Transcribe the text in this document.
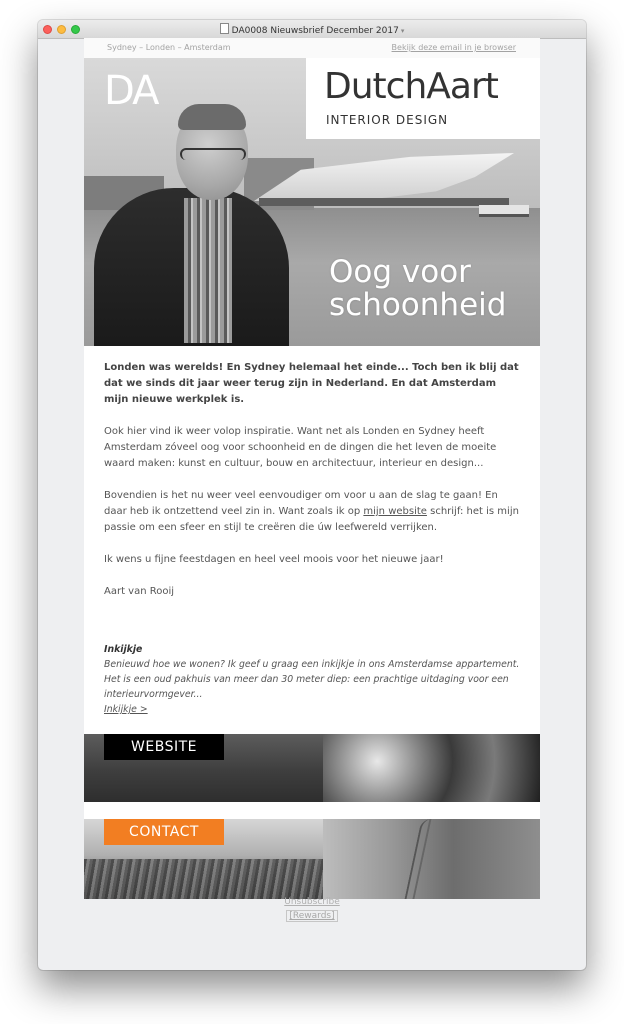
DA0008 Nieuwsbrief December 2017 ▾
Sydney – Londen – Amsterdam	Bekijk deze email in je browser
DA	DutchAart
INTERIOR DESIGN
Oog voor
schoonheid

Londen was werelds! En Sydney helemaal het einde... Toch ben ik blij dat dat we sinds dit jaar weer terug zijn in Nederland. En dat Amsterdam mijn nieuwe werkplek is.

Ook hier vind ik weer volop inspiratie. Want net als Londen en Sydney heeft Amsterdam zóveel oog voor schoonheid en de dingen die het leven de moeite waard maken: kunst en cultuur, bouw en architectuur, interieur en design...

Bovendien is het nu weer veel eenvoudiger om voor u aan de slag te gaan! En daar heb ik ontzettend veel zin in. Want zoals ik op mijn website schrijf: het is mijn passie om een sfeer en stijl te creëren die úw leefwereld verrijken.

Ik wens u fijne feestdagen en heel veel moois voor het nieuwe jaar!

Aart van Rooij

Inkijkje
Benieuwd hoe we wonen? Ik geef u graag een inkijkje in ons Amsterdamse appartement. Het is een oud pakhuis van meer dan 30 meter diep: een prachtige uitdaging voor een interieurvormgever...
Inkijkje >
WEBSITE
CONTACT
Unsubscribe
[Rewards]
